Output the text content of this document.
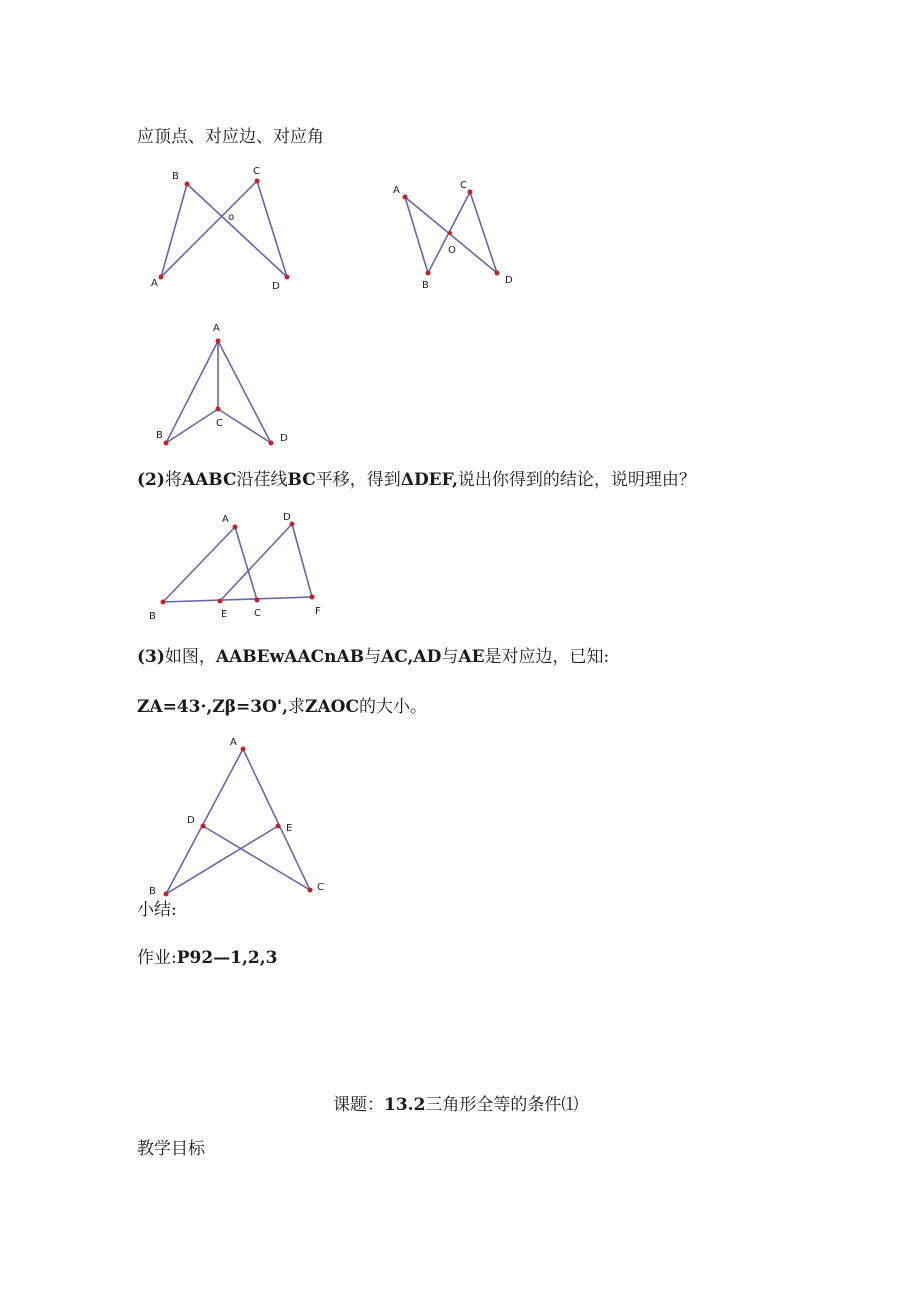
应顶点、对应边、对应角
B	C
o
A	D
A	C
O
B	D
A
C
B	D
A	D
B	E	C	F
A
D
E
B	C
(2)将AABC沿荏线BC平移，得到ΔDEF,说出你得到的结论，说明理由？
(3)如图，AABEwAACnAB与AC,AD与AE是对应边，已知:
ZA=43·,Zβ=3O',求ZAOC的大小。
小结:
作业:P92—1,2,3
课题：13.2三角形全等的条件⑴
教学目标
